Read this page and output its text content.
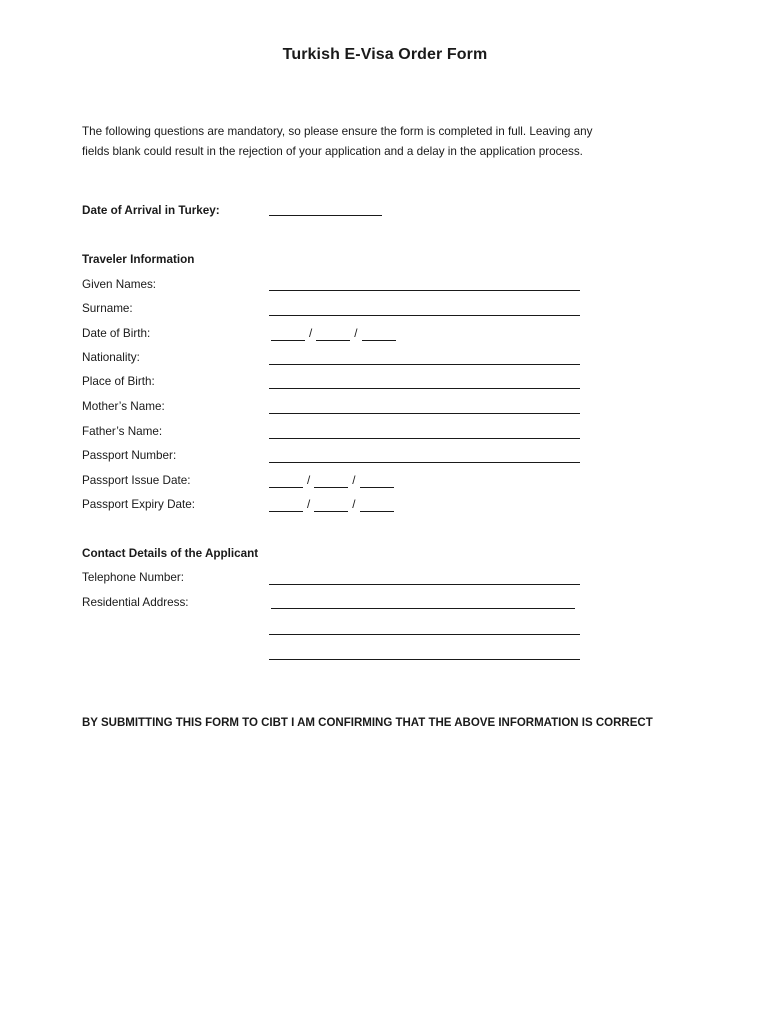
Turkish E-Visa Order Form

The following questions are mandatory, so please ensure the form is completed in full. Leaving any

fields blank could result in the rejection of your application and a delay in the application process.

Date of Arrival in Turkey:
Traveler Information
Given Names:
Surname:
Date of Birth:	/	/
Nationality:
Place of Birth:
Mother’s Name:
Father’s Name:
Passport Number:
Passport Issue Date:	/	/
Passport Expiry Date:	/	/
Contact Details of the Applicant
Telephone Number:
Residential Address:
BY SUBMITTING THIS FORM TO CIBT I AM CONFIRMING THAT THE ABOVE INFORMATION IS CORRECT
